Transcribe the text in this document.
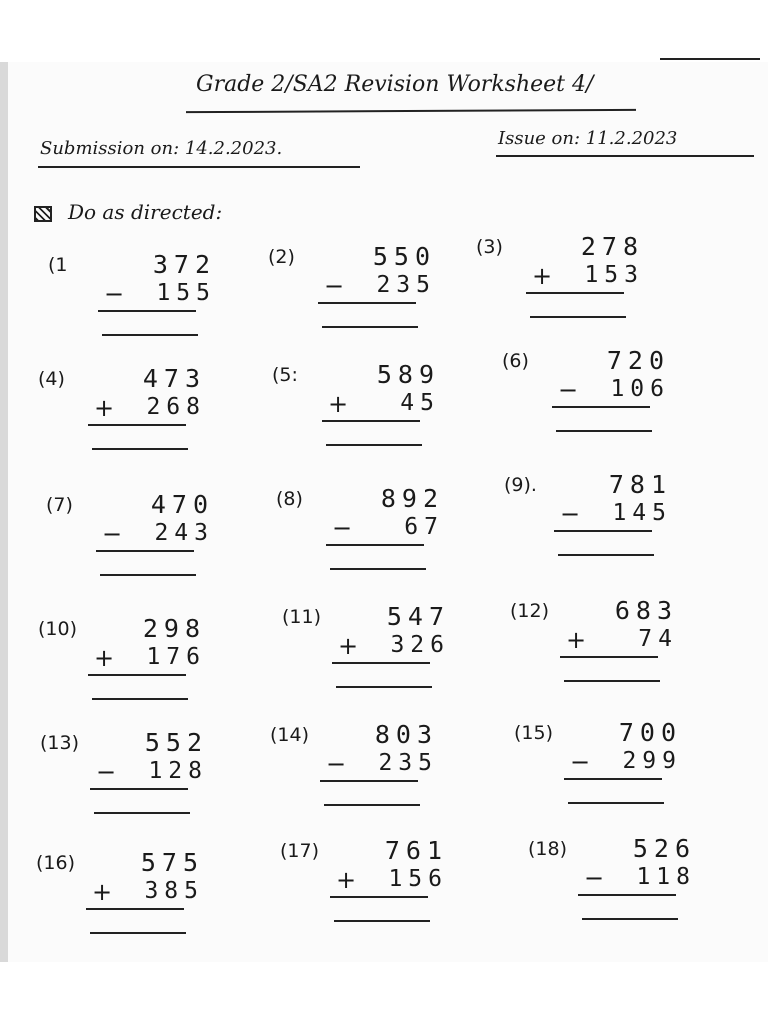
Grade 2/SA2 Revision Worksheet 4/
Submission on: 14.2.2023.	Issue on: 11.2.2023
Do as directed:
(1	372
− 155
(2)	550
− 235
(3)	278
+ 153
(4)	473
+ 268
(5:	589
+ 45
(6)	720
− 106
(7)	470
− 243
(8)	892
− 67
(9).	781
− 145
(10)	298
+ 176
(11)	547
+ 326
(12)	683
+ 74
(13)	552
− 128
(14)	803
− 235
(15)	700
− 299
(16)	575
+ 385
(17)	761
+ 156
(18)	526
− 118
